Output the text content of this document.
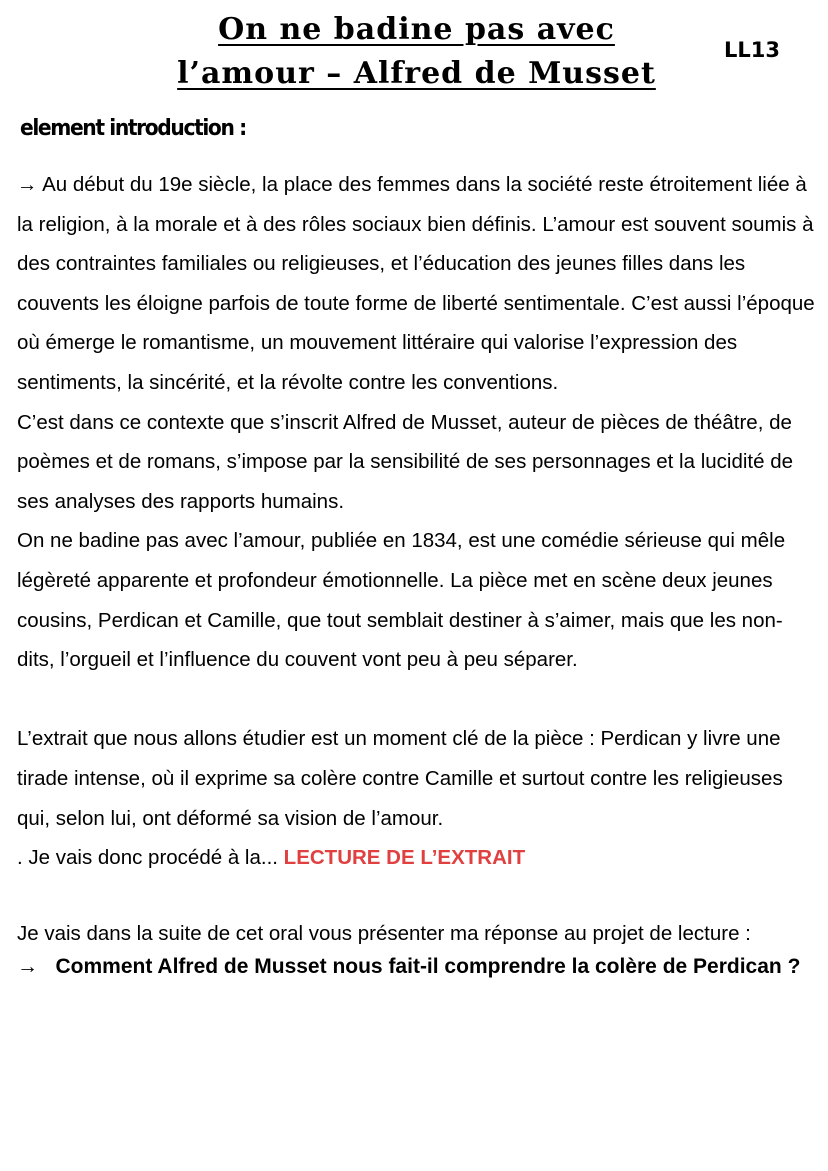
On ne badine pas avec
l’amour – Alfred de Musset
LL13
element introduction :

→ Au début du 19e siècle, la place des femmes dans la société reste étroitement liée à la religion, à la morale et à des rôles sociaux bien définis. L’amour est souvent soumis à des contraintes familiales ou religieuses, et l’éducation des jeunes filles dans les couvents les éloigne parfois de toute forme de liberté sentimentale. C’est aussi l’époque où émerge le romantisme, un mouvement littéraire qui valorise l’expression des sentiments, la sincérité, et la révolte contre les conventions.

C’est dans ce contexte que s’inscrit Alfred de Musset, auteur de pièces de théâtre, de poèmes et de romans, s’impose par la sensibilité de ses personnages et la lucidité de ses analyses des rapports humains.

On ne badine pas avec l’amour, publiée en 1834, est une comédie sérieuse qui mêle légèreté apparente et profondeur émotionnelle. La pièce met en scène deux jeunes cousins, Perdican et Camille, que tout semblait destiner à s’aimer, mais que les non-dits, l’orgueil et l’influence du couvent vont peu à peu séparer.

L’extrait que nous allons étudier est un moment clé de la pièce : Perdican y livre une tirade intense, où il exprime sa colère contre Camille et surtout contre les religieuses qui, selon lui, ont déformé sa vision de l’amour.

. Je vais donc procédé à la... LECTURE DE L’EXTRAIT

Je vais dans la suite de cet oral vous présenter ma réponse au projet de lecture :

→ Comment Alfred de Musset nous fait-il comprendre la colère de Perdican ?
